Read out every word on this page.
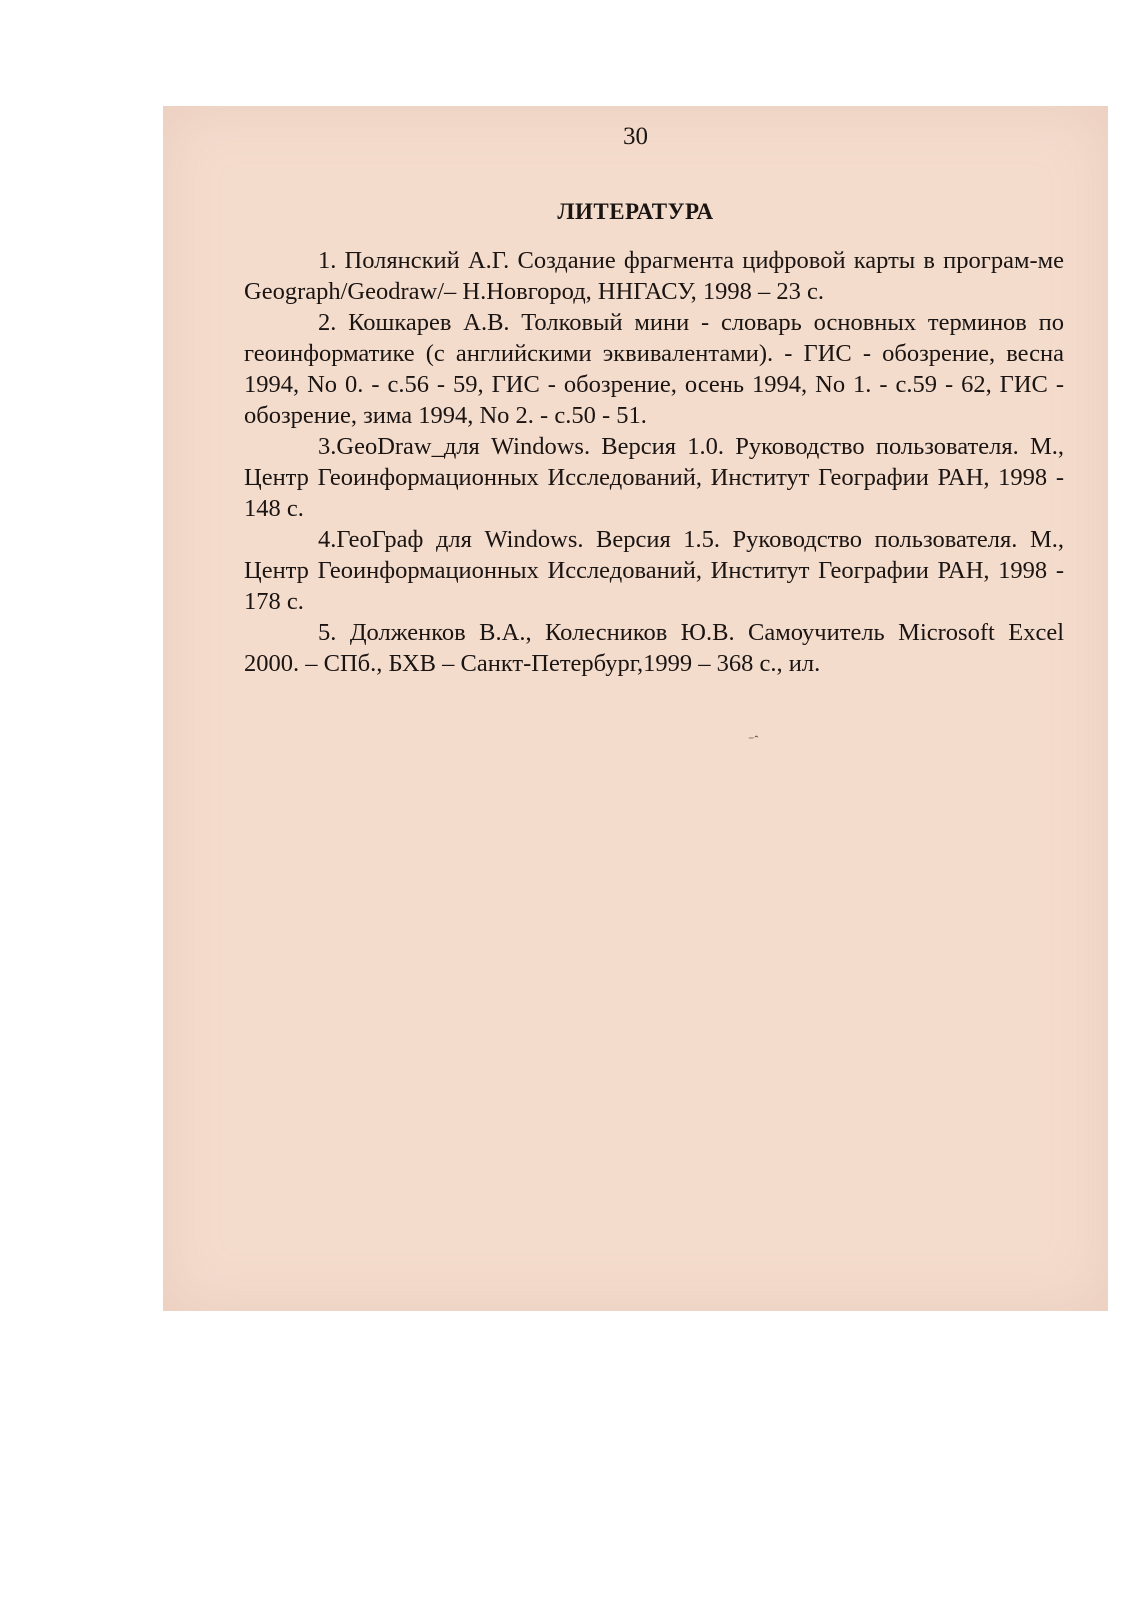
30
ЛИТЕРАТУРА

1. Полянский А.Г. Создание фрагмента цифровой карты в програм-ме Geograph/Geodraw/– Н.Новгород, ННГАСУ, 1998 – 23 с.

2. Кошкарев А.В. Толковый мини - словарь основных терминов по геоинформатике (с английскими эквивалентами). - ГИС - обозрение, весна 1994, No 0. - с.56 - 59, ГИС - обозрение, осень 1994, No 1. - с.59 - 62, ГИС - обозрение, зима 1994, No 2. - с.50 - 51.

3.GeoDraw_для Windows. Версия 1.0. Руководство пользователя. М., Центр Геоинформационных Исследований, Институт Географии РАН, 1998 - 148 с.

4.ГеоГраф для Windows. Версия 1.5. Руководство пользователя. М., Центр Геоинформационных Исследований, Институт Географии РАН, 1998 - 178 с.

5. Долженков В.А., Колесников Ю.В. Самоучитель Microsoft Excel 2000. – СПб., БХВ – Санкт-Петербург,1999 – 368 с., ил.

⁻ˆ
